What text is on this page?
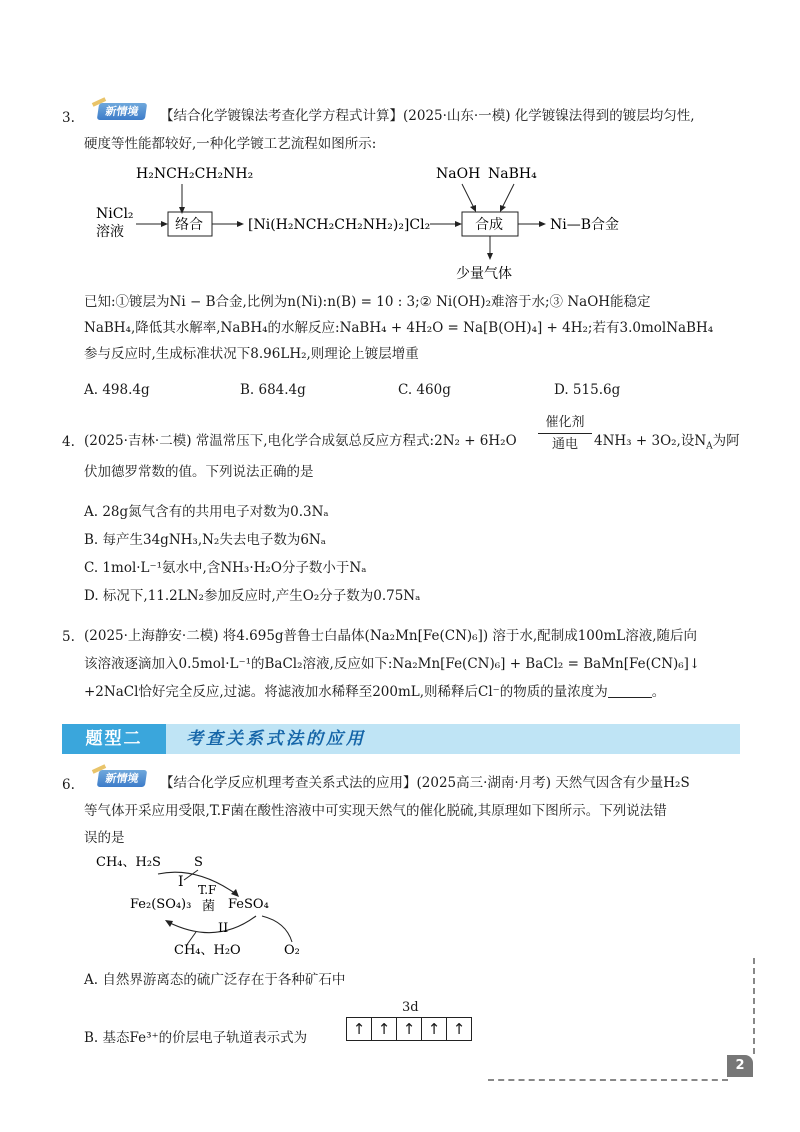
3.	新情境	【结合化学镀镍法考查化学方程式计算】(2025·山东·一模) 化学镀镍法得到的镀层均匀性,
硬度等性能都较好,一种化学镀工艺流程如图所示:
H₂NCH₂CH₂NH₂
NiCl₂
溶液	络合	[Ni(H₂NCH₂CH₂NH₂)₂]Cl₂
NaOH NaBH₄
合成	Ni—B合金
少量气体
已知:①镀层为Ni − B合金,比例为n(Ni):n(B) = 10 : 3;② Ni(OH)₂难溶于水;③ NaOH能稳定
NaBH₄,降低其水解率,NaBH₄的水解反应:NaBH₄ + 4H₂O = Na[B(OH)₄] + 4H₂;若有3.0molNaBH₄
参与反应时,生成标准状况下8.96LH₂,则理论上镀层增重
A. 498.4g	B. 684.4g	C. 460g	D. 515.6g
4. (2025·吉林·二模) 常温常压下,电化学合成氨总反应方程式:2N₂ + 6H₂O
催化剂
通电	4NH₃ + 3O₂,设$N_A$为阿
伏加德罗常数的值。下列说法正确的是
A. 28g氮气含有的共用电子对数为0.3Nₐ
B. 每产生34gNH₃,N₂失去电子数为6Nₐ
C. 1mol·L⁻¹氨水中,含NH₃·H₂O分子数小于Nₐ
D. 标况下,11.2LN₂参加反应时,产生O₂分子数为0.75Nₐ
5. (2025·上海静安·二模) 将4.695g普鲁士白晶体(Na₂Mn[Fe(CN)₆]) 溶于水,配制成100mL溶液,随后向
该溶液逐滴加入0.5mol·L⁻¹的BaCl₂溶液,反应如下:Na₂Mn[Fe(CN)₆] + BaCl₂ = BaMn[Fe(CN)₆]↓
+2NaCl恰好完全反应,过滤。将滤液加水稀释至200mL,则稀释后Cl⁻的物质的量浓度为	。
题型二	考查关系式法的应用
6.	新情境	【结合化学反应机理考查关系式法的应用】(2025高三·湖南·月考) 天然气因含有少量H₂S
等气体开采应用受限,T.F菌在酸性溶液中可实现天然气的催化脱硫,其原理如下图所示。下列说法错
误的是
CH₄、H₂S	S
I T.F
菌
Fe₂(SO₄)₃	FeSO₄
II
CH₄、H₂O	O₂
A. 自然界游离态的硫广泛存在于各种矿石中
B. 基态Fe³⁺的价层电子轨道表示式为
3d
↑ ↑ ↑ ↑ ↑
2
